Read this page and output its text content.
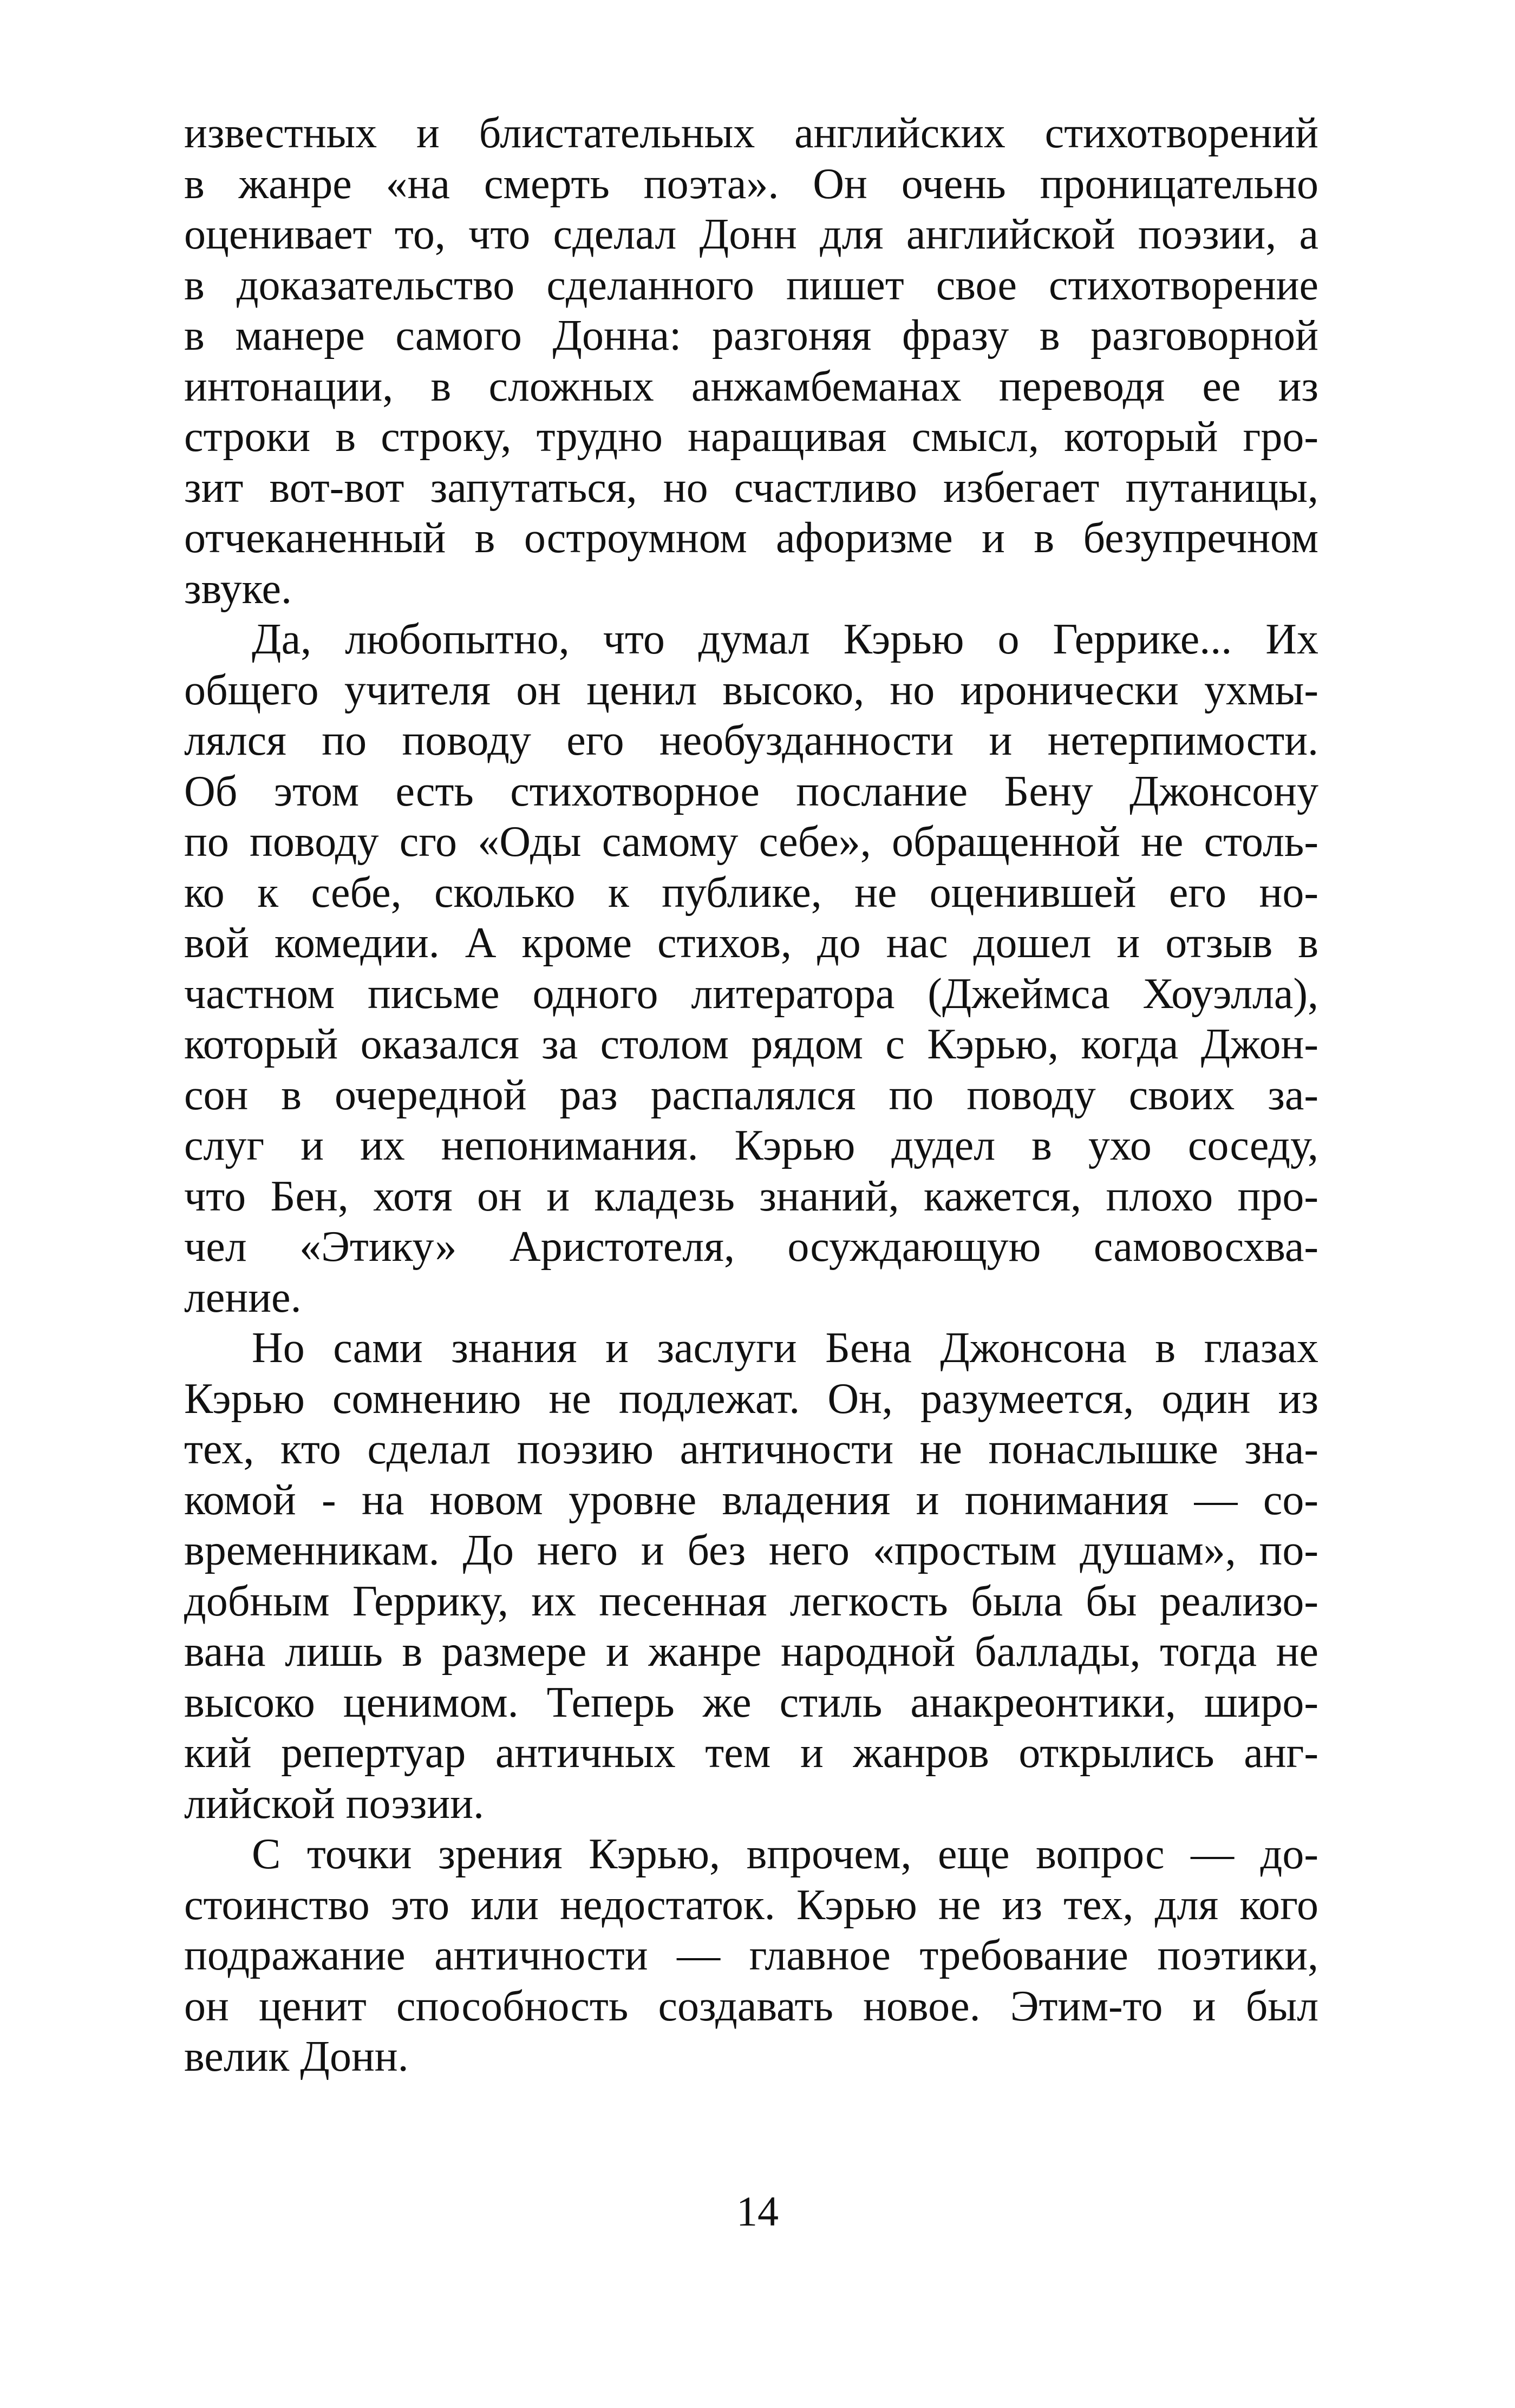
известных и блистательных английских стихотворений
в жанре «на смерть поэта». Он очень проницательно
оценивает то, что сделал Донн для английской поэзии, а
в доказательство сделанного пишет свое стихотворение
в манере самого Донна: разгоняя фразу в разговорной
интонации, в сложных анжамбеманах переводя ее из
строки в строку, трудно наращивая смысл, который гро-
зит вот-вот запутаться, но счастливо избегает путаницы,
отчеканенный в остроумном афоризме и в безупречном
звуке.
Да, любопытно, что думал Кэрью о Геррике... Их
общего учителя он ценил высоко, но иронически ухмы-
лялся по поводу его необузданности и нетерпимости.
Об этом есть стихотворное послание Бену Джонсону
по поводу сго «Оды самому себе», обращенной не столь-
ко к себе, сколько к публике, не оценившей его но-
вой комедии. А кроме стихов, до нас дошел и отзыв в
частном письме одного литератора (Джеймса Хоуэлла),
который оказался за столом рядом с Кэрью, когда Джон-
сон в очередной раз распалялся по поводу своих за-
слуг и их непонимания. Кэрью дудел в ухо соседу,
что Бен, хотя он и кладезь знаний, кажется, плохо про-
чел «Этику» Аристотеля, осуждающую самовосхва-
ление.
Но сами знания и заслуги Бена Джонсона в глазах
Кэрью сомнению не подлежат. Он, разумеется, один из
тех, кто сделал поэзию античности не понаслышке зна-
комой - на новом уровне владения и понимания — со-
временникам. До него и без него «простым душам», по-
добным Геррику, их песенная легкость была бы реализо-
вана лишь в размере и жанре народной баллады, тогда не
высоко ценимом. Теперь же стиль анакреонтики, широ-
кий репертуар античных тем и жанров открылись анг-
лийской поэзии.
С точки зрения Кэрью, впрочем, еще вопрос — до-
стоинство это или недостаток. Кэрью не из тех, для кого
подражание античности — главное требование поэтики,
он ценит способность создавать новое. Этим-то и был
велик Донн.
14
